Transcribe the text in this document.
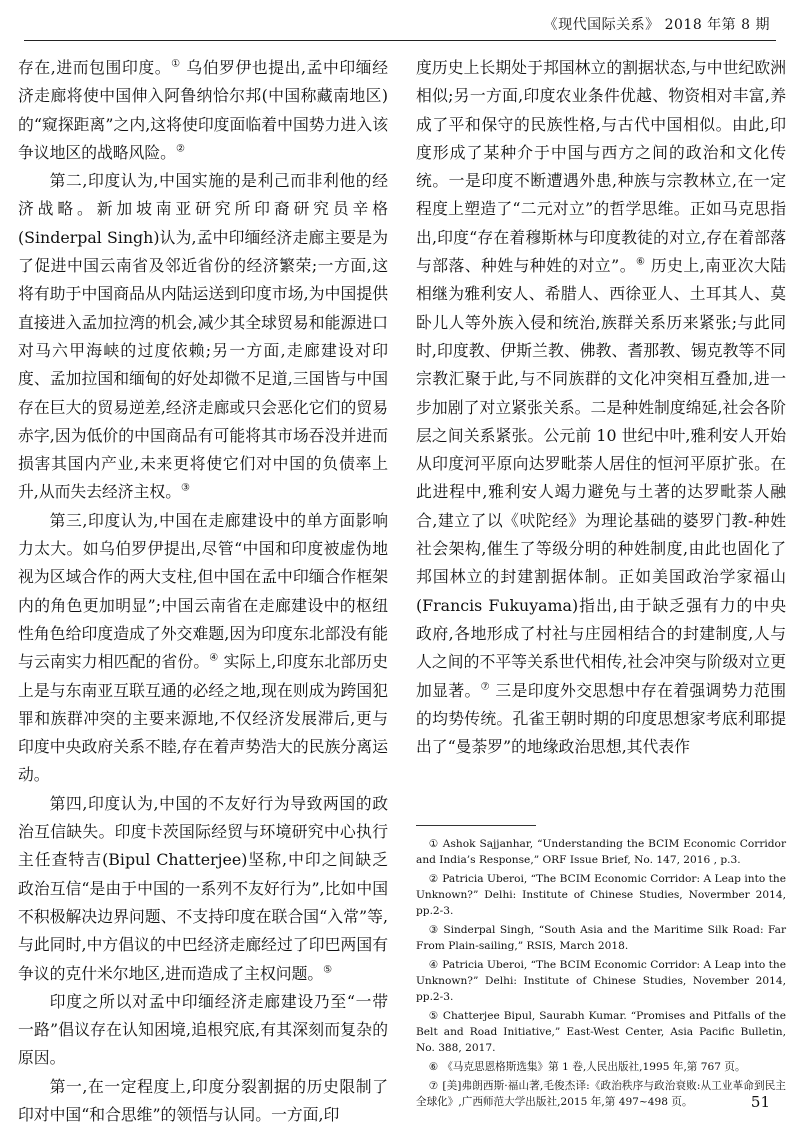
《现代国际关系》 2018 年第 8 期

存在,进而包围印度。① 乌伯罗伊也提出,孟中印缅经济走廊将使中国伸入阿鲁纳恰尔邦(中国称藏南地区)的“窥探距离”之内,这将使印度面临着中国势力进入该争议地区的战略风险。②

第二,印度认为,中国实施的是利己而非利他的经济战略。新加坡南亚研究所印裔研究员辛格(Sinderpal Singh)认为,孟中印缅经济走廊主要是为了促进中国云南省及邻近省份的经济繁荣;一方面,这将有助于中国商品从内陆运送到印度市场,为中国提供直接进入孟加拉湾的机会,减少其全球贸易和能源进口对马六甲海峡的过度依赖;另一方面,走廊建设对印度、孟加拉国和缅甸的好处却微不足道,三国皆与中国存在巨大的贸易逆差,经济走廊或只会恶化它们的贸易赤字,因为低价的中国商品有可能将其市场吞没并进而损害其国内产业,未来更将使它们对中国的负债率上升,从而失去经济主权。③

第三,印度认为,中国在走廊建设中的单方面影响力太大。如乌伯罗伊提出,尽管“中国和印度被虚伪地视为区域合作的两大支柱,但中国在孟中印缅合作框架内的角色更加明显”;中国云南省在走廊建设中的枢纽性角色给印度造成了外交难题,因为印度东北部没有能与云南实力相匹配的省份。④ 实际上,印度东北部历史上是与东南亚互联互通的必经之地,现在则成为跨国犯罪和族群冲突的主要来源地,不仅经济发展滞后,更与印度中央政府关系不睦,存在着声势浩大的民族分离运动。

第四,印度认为,中国的不友好行为导致两国的政治互信缺失。印度卡茨国际经贸与环境研究中心执行主任查特吉(Bipul Chatterjee)坚称,中印之间缺乏政治互信“是由于中国的一系列不友好行为”,比如中国不积极解决边界问题、不支持印度在联合国“入常”等,与此同时,中方倡议的中巴经济走廊经过了印巴两国有争议的克什米尔地区,进而造成了主权问题。⑤

印度之所以对孟中印缅经济走廊建设乃至“一带一路”倡议存在认知困境,追根究底,有其深刻而复杂的原因。

第一,在一定程度上,印度分裂割据的历史限制了印对中国“和合思维”的领悟与认同。一方面,印

度历史上长期处于邦国林立的割据状态,与中世纪欧洲相似;另一方面,印度农业条件优越、物资相对丰富,养成了平和保守的民族性格,与古代中国相似。由此,印度形成了某种介于中国与西方之间的政治和文化传统。一是印度不断遭遇外患,种族与宗教林立,在一定程度上塑造了“二元对立”的哲学思维。正如马克思指出,印度“存在着穆斯林与印度教徒的对立,存在着部落与部落、种姓与种姓的对立”。⑥ 历史上,南亚次大陆相继为雅利安人、希腊人、西徐亚人、土耳其人、莫卧儿人等外族入侵和统治,族群关系历来紧张;与此同时,印度教、伊斯兰教、佛教、耆那教、锡克教等不同宗教汇聚于此,与不同族群的文化冲突相互叠加,进一步加剧了对立紧张关系。二是种姓制度绵延,社会各阶层之间关系紧张。公元前 10 世纪中叶,雅利安人开始从印度河平原向达罗毗荼人居住的恒河平原扩张。在此进程中,雅利安人竭力避免与土著的达罗毗荼人融合,建立了以《吠陀经》为理论基础的婆罗门教-种姓社会架构,催生了等级分明的种姓制度,由此也固化了邦国林立的封建割据体制。正如美国政治学家福山(Francis Fukuyama)指出,由于缺乏强有力的中央政府,各地形成了村社与庄园相结合的封建制度,人与人之间的不平等关系世代相传,社会冲突与阶级对立更加显著。⑦ 三是印度外交思想中存在着强调势力范围的均势传统。孔雀王朝时期的印度思想家考底利耶提出了“曼荼罗”的地缘政治思想,其代表作

① Ashok Sajjanhar, “Understanding the BCIM Economic Corridor and India’s Response,” ORF Issue Brief, No. 147, 2016 , p.3.

② Patricia Uberoi, “The BCIM Economic Corridor: A Leap into the Unknown?” Delhi: Institute of Chinese Studies, Novermber 2014, pp.2-3.

③ Sinderpal Singh, “South Asia and the Maritime Silk Road: Far From Plain-sailing,” RSIS, March 2018.

④ Patricia Uberoi, “The BCIM Economic Corridor: A Leap into the Unknown?” Delhi: Institute of Chinese Studies, November 2014, pp.2-3.

⑤ Chatterjee Bipul, Saurabh Kumar. “Promises and Pitfalls of the Belt and Road Initiative,” East-West Center, Asia Pacific Bulletin, No. 388, 2017.

⑥ 《马克思恩格斯选集》第 1 卷,人民出版社,1995 年,第 767 页。

⑦ [美]弗朗西斯·福山著,毛俊杰译:《政治秩序与政治衰败:从工业革命到民主全球化》,广西师范大学出版社,2015 年,第 497~498 页。	51
